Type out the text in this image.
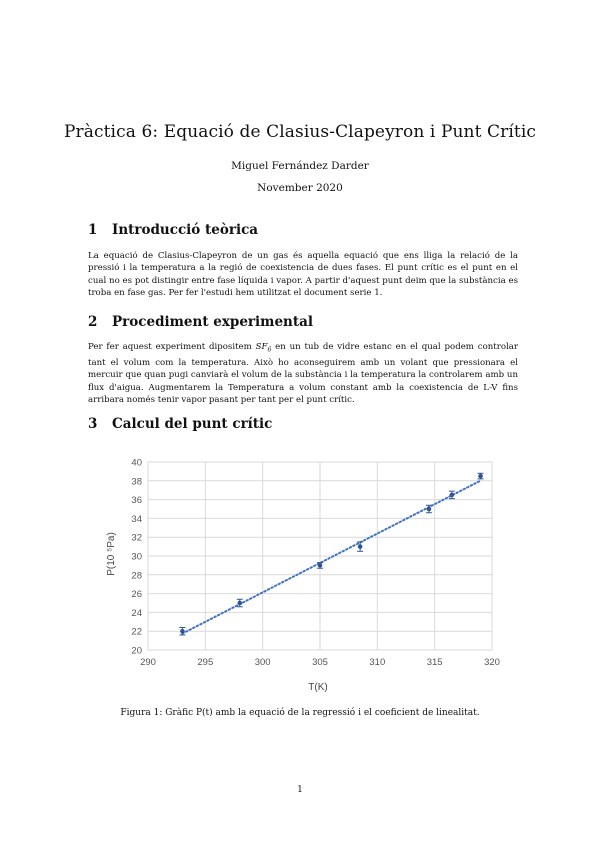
Pràctica 6: Equació de Clasius-Clapeyron i Punt Crític
Miguel Fernández Darder
November 2020
1 Introducció teòrica
La equació de Clasius-Clapeyron de un gas és aquella equació que ens lliga la relació de la pressió i la temperatura a la regió de coexistencia de dues fases. El punt crític es el punt en el cual no es pot distingir entre fase líquida i vapor. A partir d'aquest punt deim que la substància es troba en fase gas. Per fer l'estudi hem utilitzat el document serie 1.
2 Procediment experimental
Per fer aquest experiment dipositem $SF_6$ en un tub de vidre estanc en el qual podem controlar tant el volum com la temperatura. Això ho aconseguirem amb un volant que pressionara el mercuir que quan pugi canviarà el volum de la substància i la temperatura la controlarem amb un flux d'aigua. Augmentarem la Temperatura a volum constant amb la coexistencia de L-V fins arribara només tenir vapor pasant per tant per el punt crític.
3 Calcul del punt crític
20
22
24
26
28
30
32
34
36
38
40
290	295	300	305	310	315	320
T(K)
P(10 ⁵Pa)
Figura 1: Gràfic P(t) amb la equació de la regressió i el coeficient de linealitat.
1
